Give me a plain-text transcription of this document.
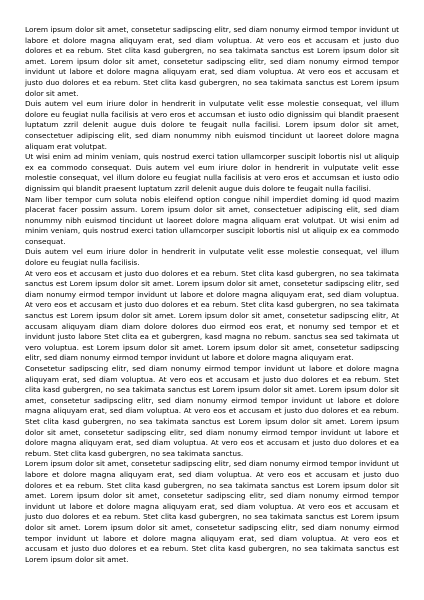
Lorem ipsum dolor sit amet, consetetur sadipscing elitr, sed diam nonumy eirmod tempor invidunt ut labore et dolore magna aliquyam erat, sed diam voluptua. At vero eos et accusam et justo duo dolores et ea rebum. Stet clita kasd gubergren, no sea takimata sanctus est Lorem ipsum dolor sit amet. Lorem ipsum dolor sit amet, consetetur sadipscing elitr, sed diam nonumy eirmod tempor invidunt ut labore et dolore magna aliquyam erat, sed diam voluptua. At vero eos et accusam et justo duo dolores et ea rebum. Stet clita kasd gubergren, no sea takimata sanctus est Lorem ipsum dolor sit amet.

Duis autem vel eum iriure dolor in hendrerit in vulputate velit esse molestie consequat, vel illum dolore eu feugiat nulla facilisis at vero eros et accumsan et iusto odio dignissim qui blandit praesent luptatum zzril delenit augue duis dolore te feugait nulla facilisi. Lorem ipsum dolor sit amet, consectetuer adipiscing elit, sed diam nonummy nibh euismod tincidunt ut laoreet dolore magna aliquam erat volutpat.

Ut wisi enim ad minim veniam, quis nostrud exerci tation ullamcorper suscipit lobortis nisl ut aliquip ex ea commodo consequat. Duis autem vel eum iriure dolor in hendrerit in vulputate velit esse molestie consequat, vel illum dolore eu feugiat nulla facilisis at vero eros et accumsan et iusto odio dignissim qui blandit praesent luptatum zzril delenit augue duis dolore te feugait nulla facilisi.

Nam liber tempor cum soluta nobis eleifend option congue nihil imperdiet doming id quod mazim placerat facer possim assum. Lorem ipsum dolor sit amet, consectetuer adipiscing elit, sed diam nonummy nibh euismod tincidunt ut laoreet dolore magna aliquam erat volutpat. Ut wisi enim ad minim veniam, quis nostrud exerci tation ullamcorper suscipit lobortis nisl ut aliquip ex ea commodo consequat.

Duis autem vel eum iriure dolor in hendrerit in vulputate velit esse molestie consequat, vel illum dolore eu feugiat nulla facilisis.

At vero eos et accusam et justo duo dolores et ea rebum. Stet clita kasd gubergren, no sea takimata sanctus est Lorem ipsum dolor sit amet. Lorem ipsum dolor sit amet, consetetur sadipscing elitr, sed diam nonumy eirmod tempor invidunt ut labore et dolore magna aliquyam erat, sed diam voluptua. At vero eos et accusam et justo duo dolores et ea rebum. Stet clita kasd gubergren, no sea takimata sanctus est Lorem ipsum dolor sit amet. Lorem ipsum dolor sit amet, consetetur sadipscing elitr, At accusam aliquyam diam diam dolore dolores duo eirmod eos erat, et nonumy sed tempor et et invidunt justo labore Stet clita ea et gubergren, kasd magna no rebum. sanctus sea sed takimata ut vero voluptua. est Lorem ipsum dolor sit amet. Lorem ipsum dolor sit amet, consetetur sadipscing elitr, sed diam nonumy eirmod tempor invidunt ut labore et dolore magna aliquyam erat.

Consetetur sadipscing elitr, sed diam nonumy eirmod tempor invidunt ut labore et dolore magna aliquyam erat, sed diam voluptua. At vero eos et accusam et justo duo dolores et ea rebum. Stet clita kasd gubergren, no sea takimata sanctus est Lorem ipsum dolor sit amet. Lorem ipsum dolor sit amet, consetetur sadipscing elitr, sed diam nonumy eirmod tempor invidunt ut labore et dolore magna aliquyam erat, sed diam voluptua. At vero eos et accusam et justo duo dolores et ea rebum. Stet clita kasd gubergren, no sea takimata sanctus est Lorem ipsum dolor sit amet. Lorem ipsum dolor sit amet, consetetur sadipscing elitr, sed diam nonumy eirmod tempor invidunt ut labore et dolore magna aliquyam erat, sed diam voluptua. At vero eos et accusam et justo duo dolores et ea rebum. Stet clita kasd gubergren, no sea takimata sanctus.

Lorem ipsum dolor sit amet, consetetur sadipscing elitr, sed diam nonumy eirmod tempor invidunt ut labore et dolore magna aliquyam erat, sed diam voluptua. At vero eos et accusam et justo duo dolores et ea rebum. Stet clita kasd gubergren, no sea takimata sanctus est Lorem ipsum dolor sit amet. Lorem ipsum dolor sit amet, consetetur sadipscing elitr, sed diam nonumy eirmod tempor invidunt ut labore et dolore magna aliquyam erat, sed diam voluptua. At vero eos et accusam et justo duo dolores et ea rebum. Stet clita kasd gubergren, no sea takimata sanctus est Lorem ipsum dolor sit amet. Lorem ipsum dolor sit amet, consetetur sadipscing elitr, sed diam nonumy eirmod tempor invidunt ut labore et dolore magna aliquyam erat, sed diam voluptua. At vero eos et accusam et justo duo dolores et ea rebum. Stet clita kasd gubergren, no sea takimata sanctus est Lorem ipsum dolor sit amet.
